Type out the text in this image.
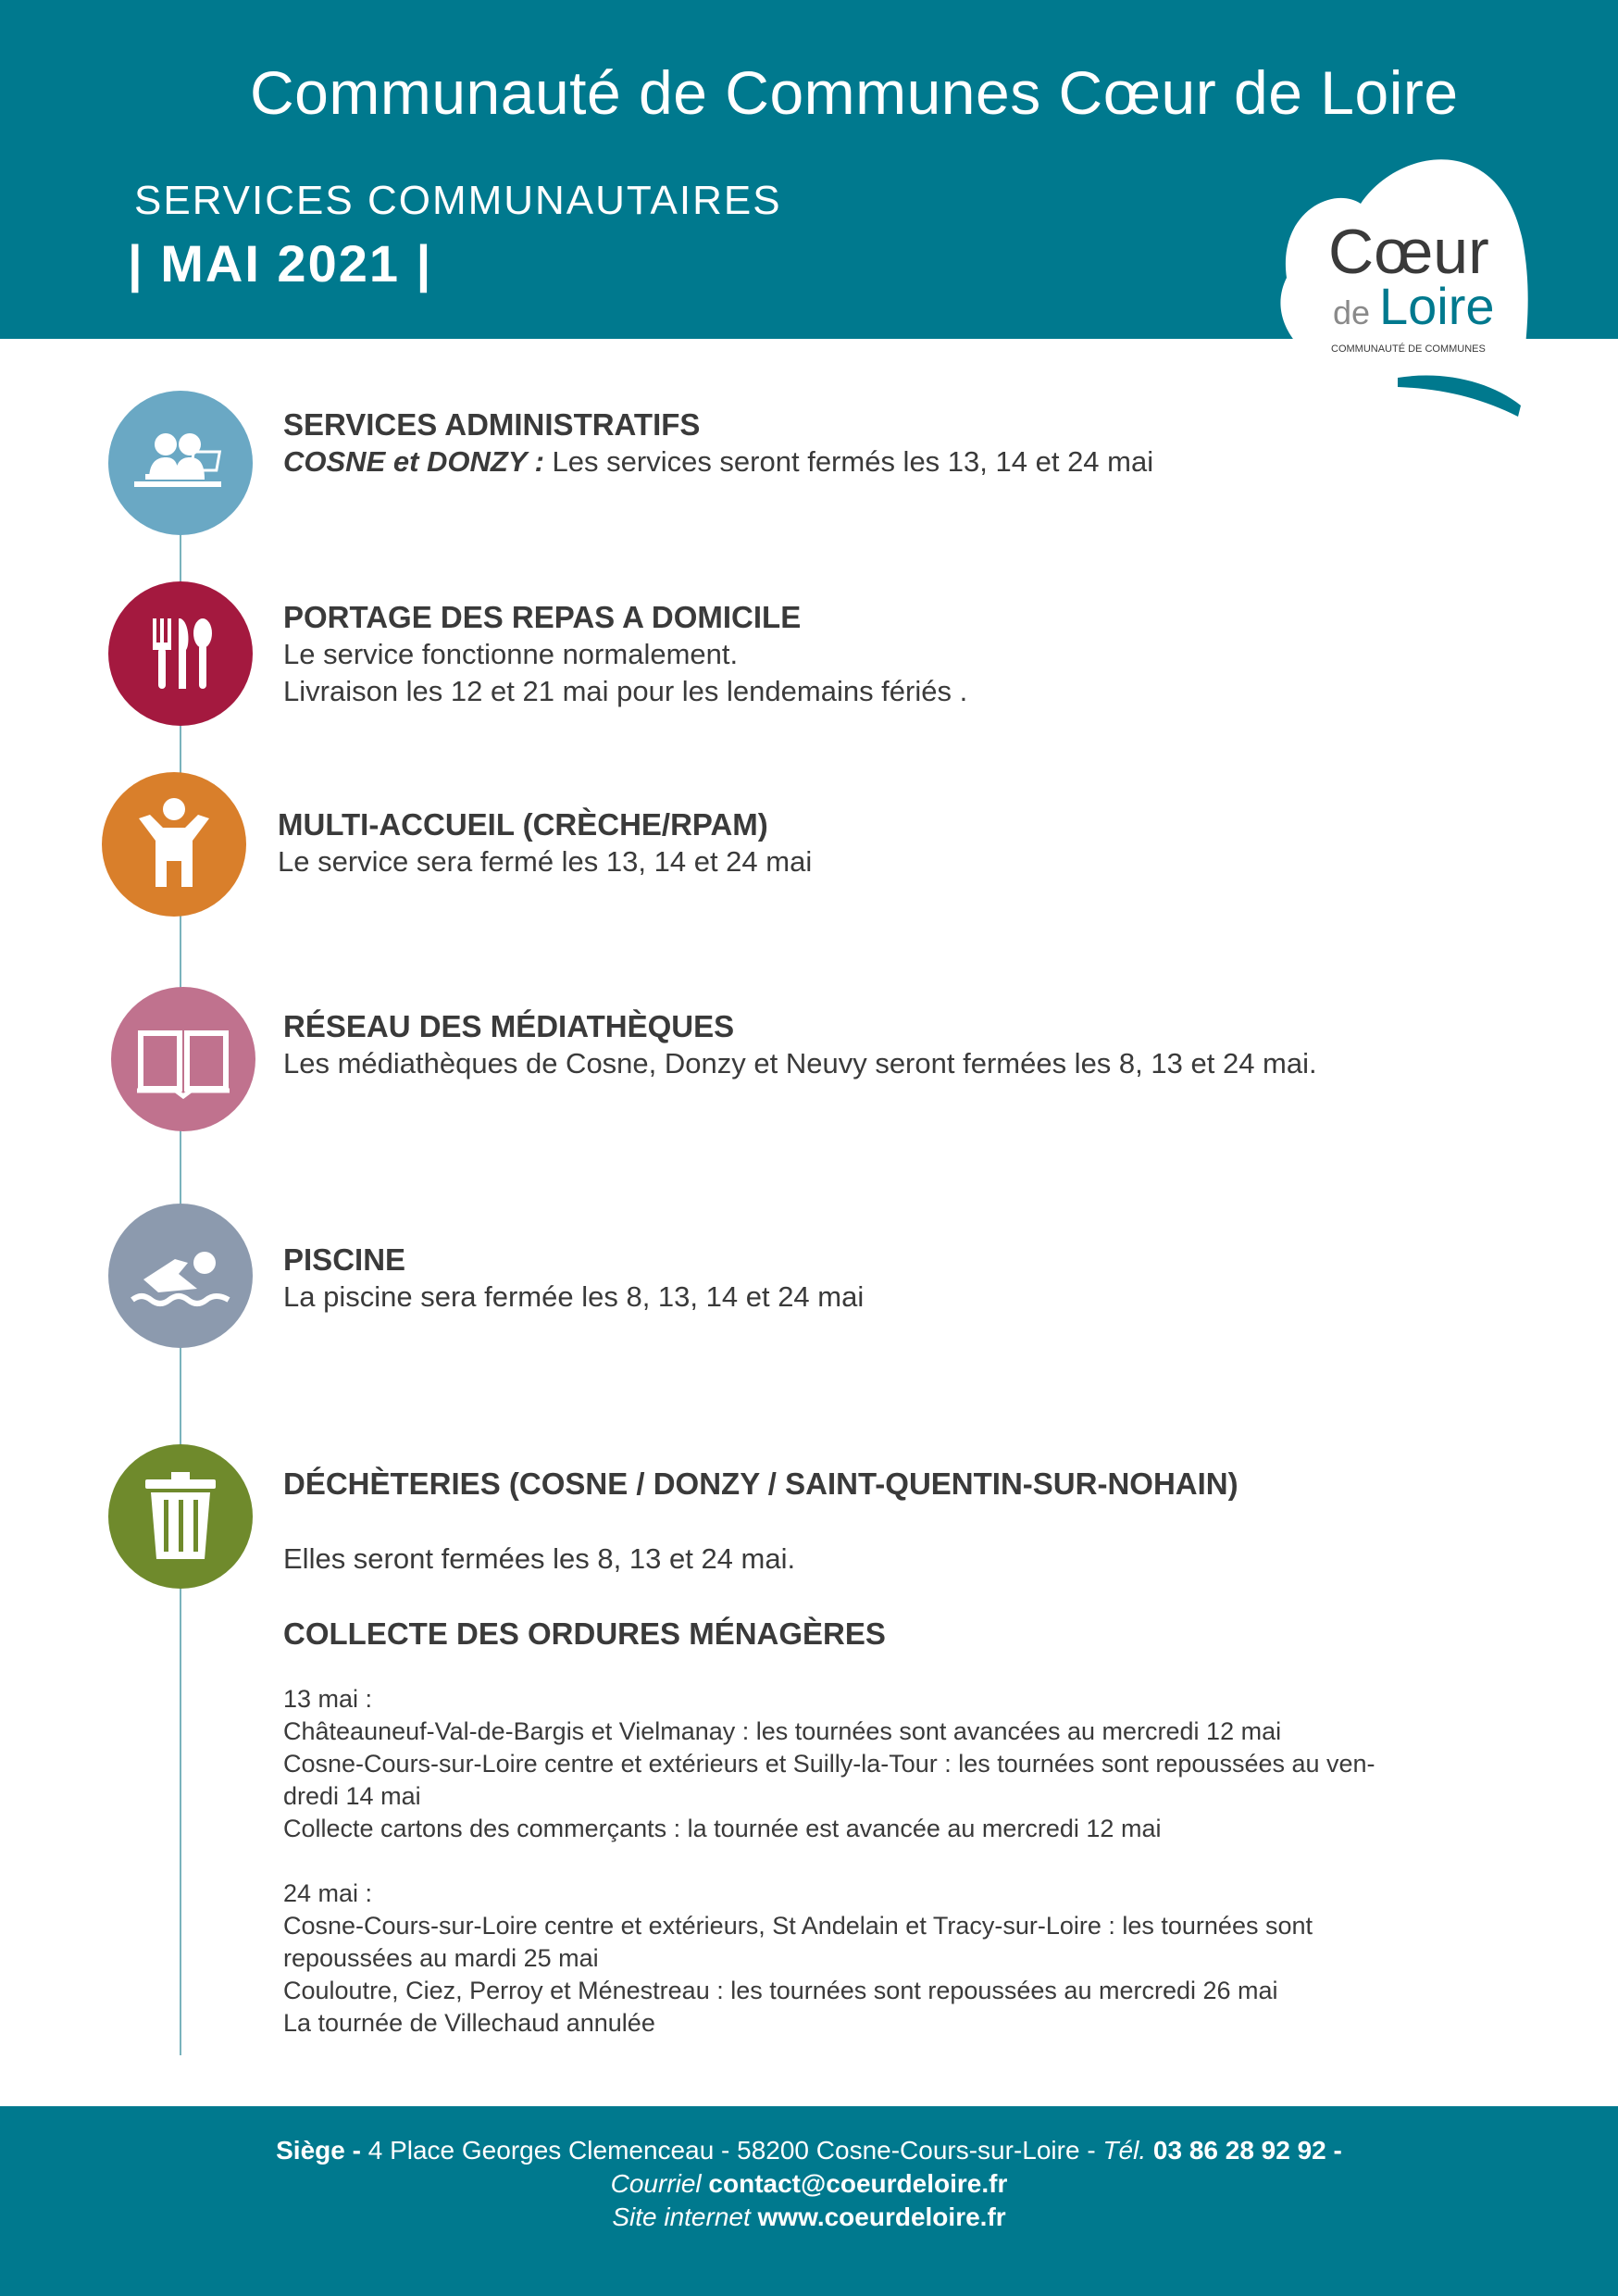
Communauté de Communes Cœur de Loire
SERVICES COMMUNAUTAIRES
| MAI 2021 |	Cœur
de Loire
COMMUNAUTÉ DE COMMUNES
SERVICES ADMINISTRATIFS
COSNE et DONZY : Les services seront fermés les 13, 14 et 24 mai
PORTAGE DES REPAS A DOMICILE
Le service fonctionne normalement.
Livraison les 12 et 21 mai pour les lendemains fériés .
MULTI-ACCUEIL (CRÈCHE/RPAM)
Le service sera fermé les 13, 14 et 24 mai
RÉSEAU DES MÉDIATHÈQUES
Les médiathèques de Cosne, Donzy et Neuvy seront fermées les 8, 13 et 24 mai.
PISCINE
La piscine sera fermée les 8, 13, 14 et 24 mai
DÉCHÈTERIES (COSNE / DONZY / SAINT-QUENTIN-SUR-NOHAIN)
Elles seront fermées les 8, 13 et 24 mai.
COLLECTE DES ORDURES MÉNAGÈRES
13 mai :
Châteauneuf-Val-de-Bargis et Vielmanay : les tournées sont avancées au mercredi 12 mai
Cosne-Cours-sur-Loire centre et extérieurs et Suilly-la-Tour : les tournées sont repoussées au ven-
dredi 14 mai
Collecte cartons des commerçants : la tournée est avancée au mercredi 12 mai
24 mai :
Cosne-Cours-sur-Loire centre et extérieurs, St Andelain et Tracy-sur-Loire : les tournées sont
repoussées au mardi 25 mai
Couloutre, Ciez, Perroy et Ménestreau : les tournées sont repoussées au mercredi 26 mai
La tournée de Villechaud annulée
Siège - 4 Place Georges Clemenceau - 58200 Cosne-Cours-sur-Loire - Tél. 03 86 28 92 92 -
Courriel contact@coeurdeloire.fr
Site internet www.coeurdeloire.fr
